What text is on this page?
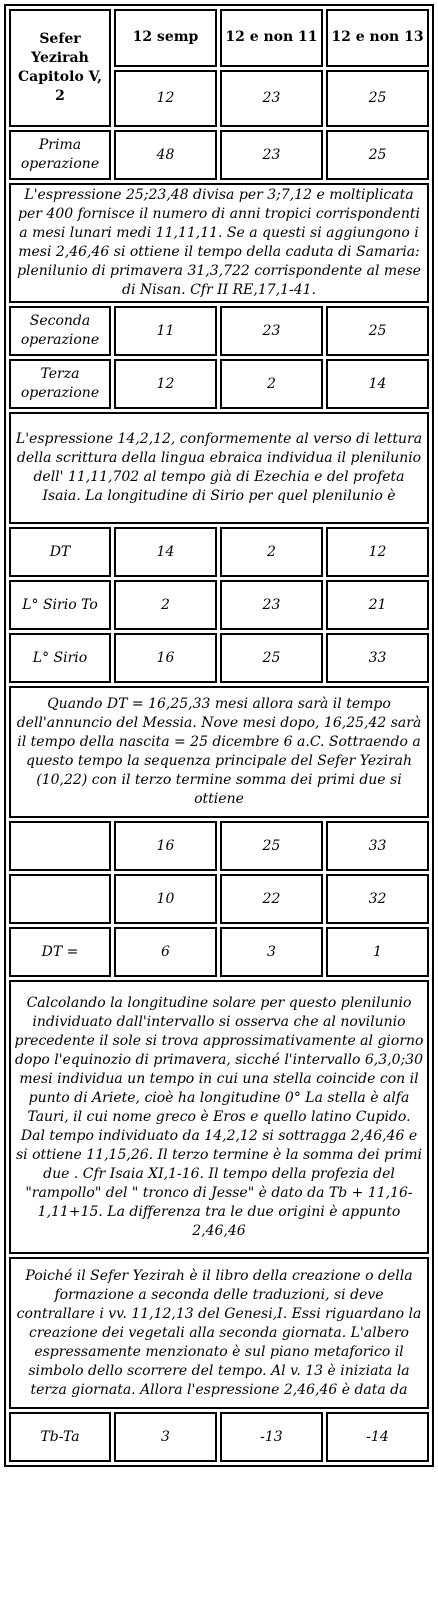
Sefer Yezirah Capitolo V, 2	12 semp	12 e non 11	12 e non 13
	12	23	25
Prima operazione	48	23	25
L'espressione 25;23,48 divisa per 3;7,12 e moltiplicata per 400 fornisce il numero di anni tropici corrispondenti a mesi lunari medi 11,11,11. Se a questi si aggiungono i mesi 2,46,46 si ottiene il tempo della caduta di Samaria: plenilunio di primavera 31,3,722 corrispondente al mese di Nisan. Cfr II RE,17,1-41.			
Seconda operazione	11	23	25
Terza operazione	12	2	14
L'espressione 14,2,12, conformemente al verso di lettura della scrittura della lingua ebraica individua il plenilunio dell' 11,11,702 al tempo già di Ezechia e del profeta Isaia. La longitudine di Sirio per quel plenilunio è			
DT	14	2	12
L° Sirio To	2	23	21
L° Sirio	16	25	33
Quando DT = 16,25,33 mesi allora sarà il tempo dell'annuncio del Messia. Nove mesi dopo, 16,25,42 sarà il tempo della nascita = 25 dicembre 6 a.C. Sottraendo a questo tempo la sequenza principale del Sefer Yezirah (10,22) con il terzo termine somma dei primi due si ottiene			
	16	25	33
	10	22	32
DT =	6	3	1
Calcolando la longitudine solare per questo plenilunio individuato dall'intervallo si osserva che al novilunio precedente il sole si trova approssimativamente al giorno dopo l'equinozio di primavera, sicché l'intervallo 6,3,0;30 mesi individua un tempo in cui una stella coincide con il punto di Ariete, cioè ha longitudine 0° La stella è alfa Tauri, il cui nome greco è Eros e quello latino Cupido. Dal tempo individuato da 14,2,12 si sottragga 2,46,46 e si ottiene 11,15,26. Il terzo termine è la somma dei primi due . Cfr Isaia XI,1-16. Il tempo della profezia del "rampollo" del " tronco di Jesse" è dato da Tb + 11,16-1,11+15. La differenza tra le due origini è appunto 2,46,46			
Poiché il Sefer Yezirah è il libro della creazione o della formazione a seconda delle traduzioni, si deve contrallare i vv. 11,12,13 del Genesi,I. Essi riguardano la creazione dei vegetali alla seconda giornata. L'albero espressamente menzionato è sul piano metaforico il simbolo dello scorrere del tempo. Al v. 13 è iniziata la terza giornata. Allora l'espressione 2,46,46 è data da			
Tb-Ta	3	-13	-14
